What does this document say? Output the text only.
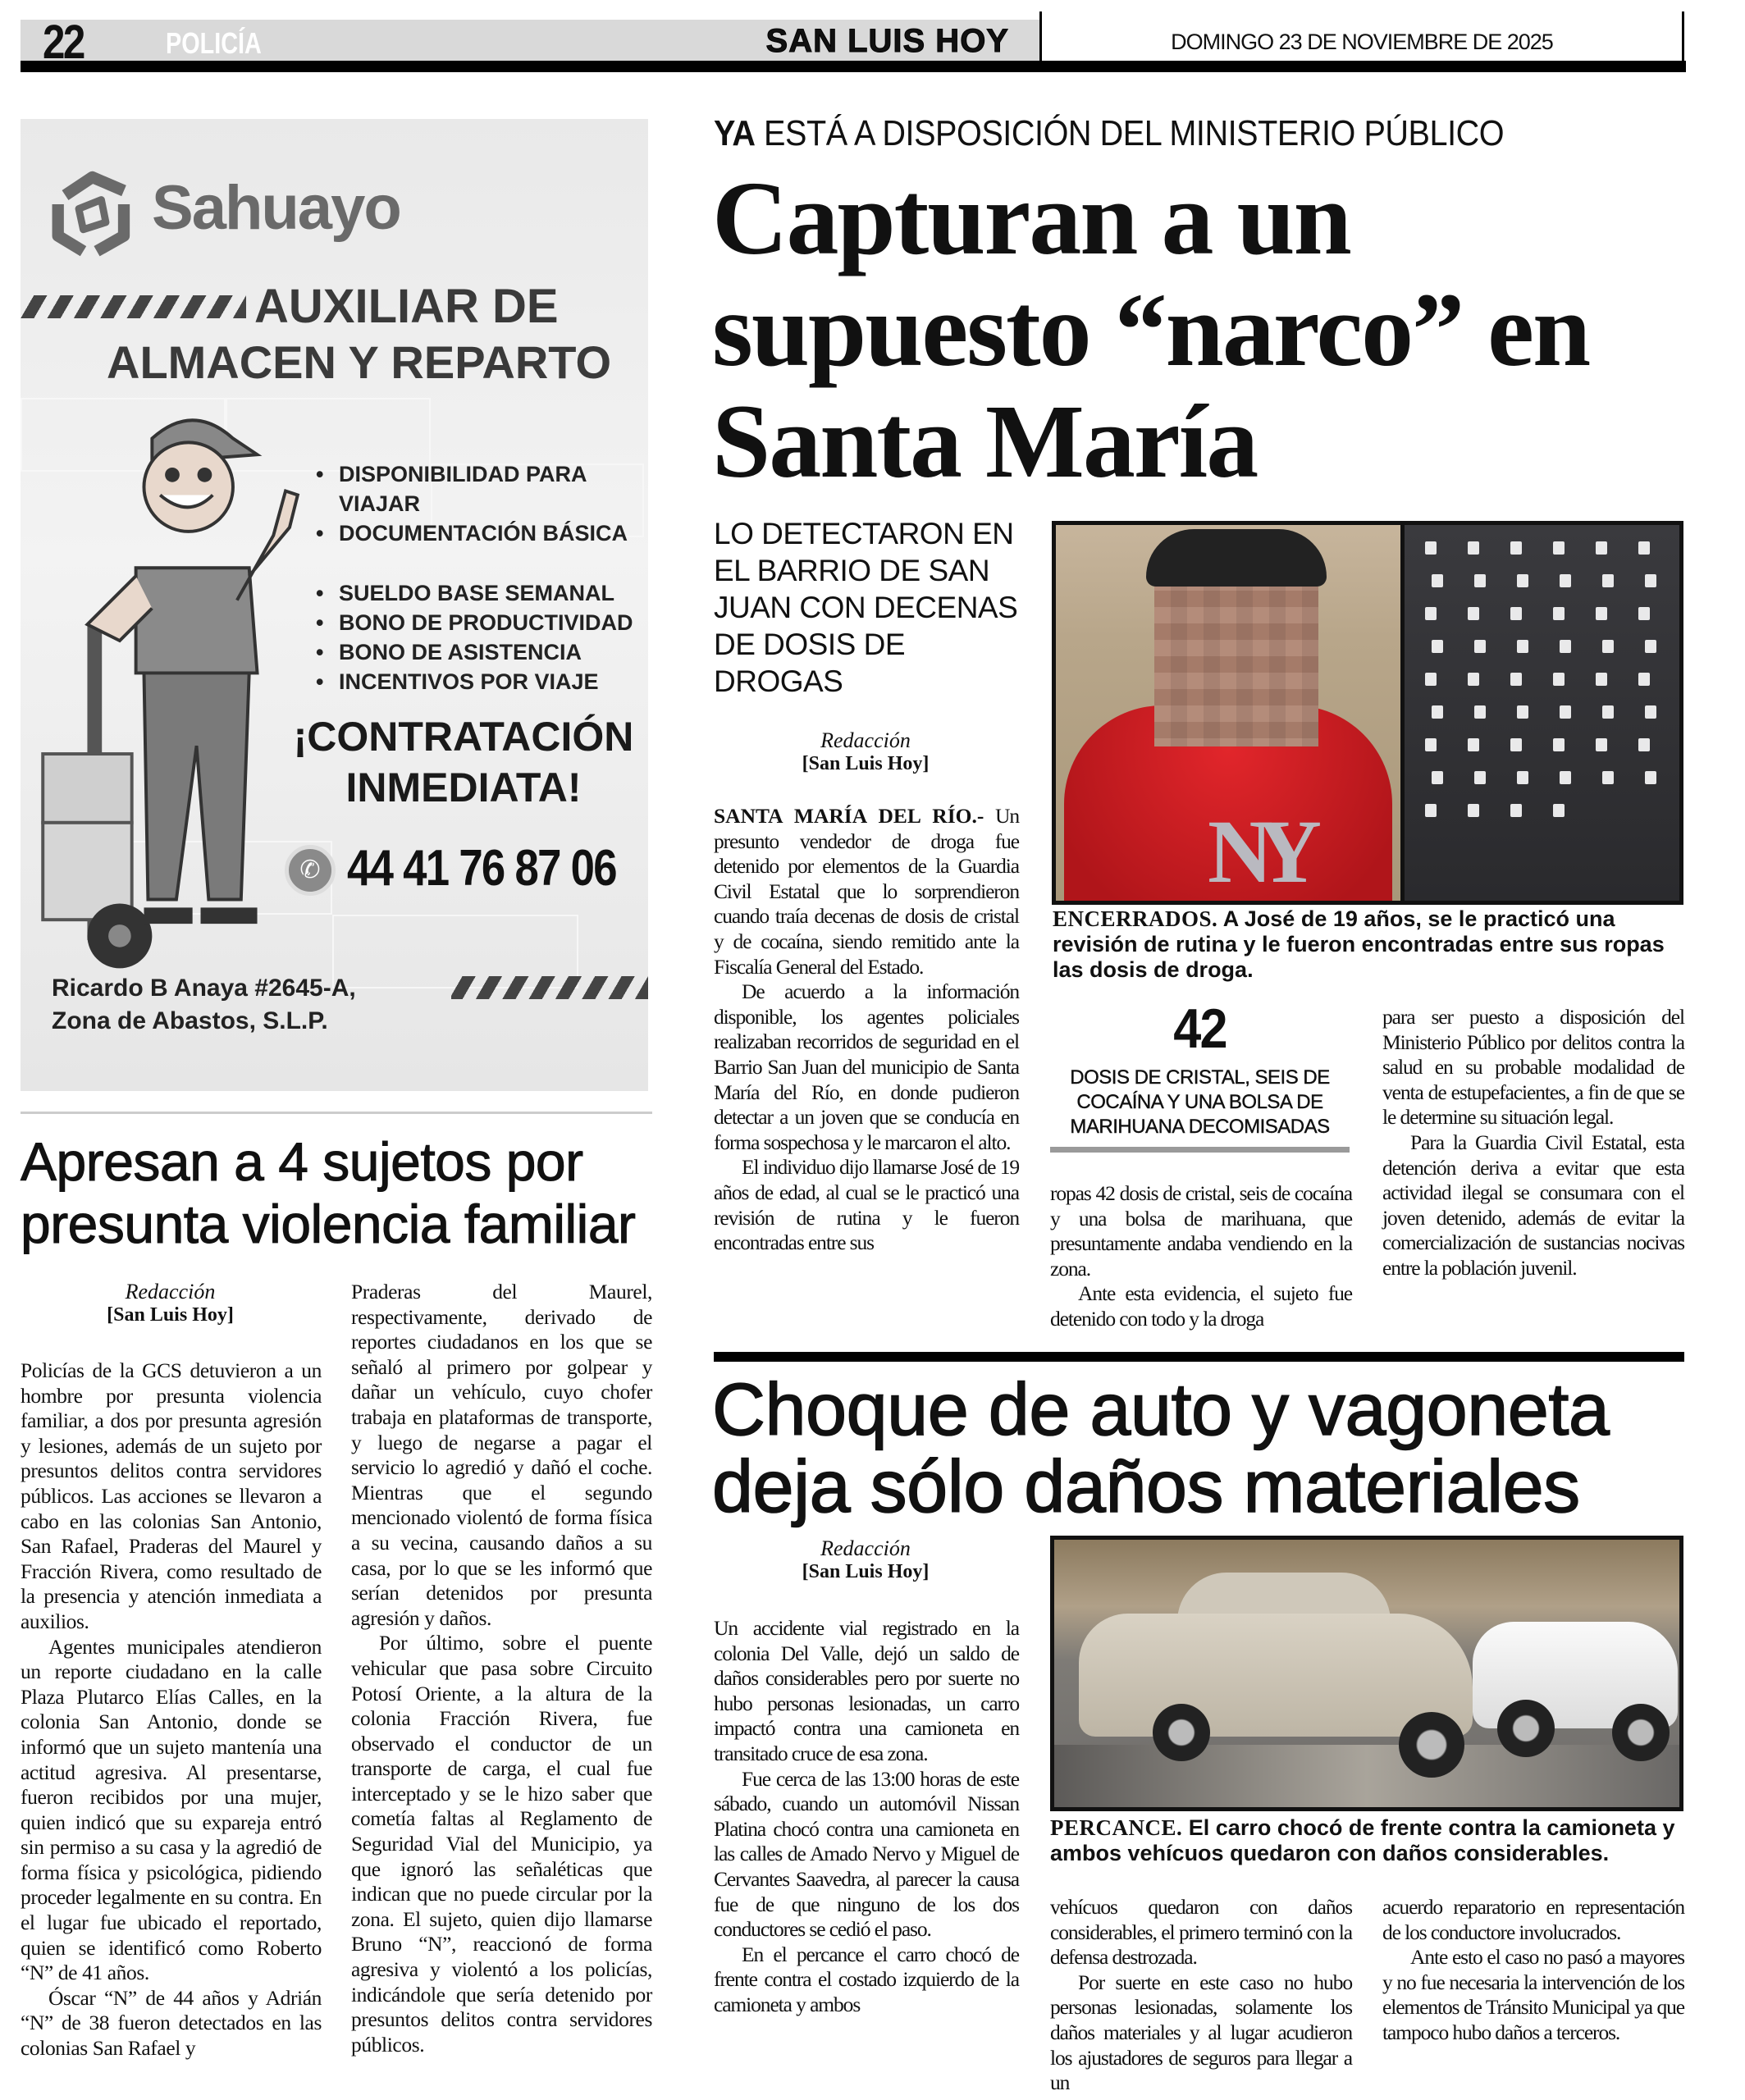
22	POLICÍA	SAN LUIS HOY	DOMINGO 23 DE NOVIEMBRE DE 2025
Sahuayo
AUXILIAR DE
ALMACEN Y REPARTO
• DISPONIBILIDAD PARA VIAJAR
• DOCUMENTACIÓN BÁSICA
• SUELDO BASE SEMANAL
• BONO DE PRODUCTIVIDAD
• BONO DE ASISTENCIA
• INCENTIVOS POR VIAJE
¡CONTRATACIÓN INMEDIATA!
✆ 44 41 76 87 06
Ricardo B Anaya #2645-A,
Zona de Abastos, S.L.P.
Apresan a 4 sujetos por presunta violencia familiar
Redacción
[San Luis Hoy]

Policías de la GCS detuvieron a un hombre por presunta violencia familiar, a dos por presunta agresión y lesiones, además de un sujeto por presuntos delitos contra servidores públicos. Las acciones se llevaron a cabo en las colonias San Antonio, San Rafael, Praderas del Maurel y Fracción Rivera, como resultado de la presencia y atención inmediata a auxilios.

Agentes municipales atendieron un reporte ciudadano en la calle Plaza Plutarco Elías Calles, en la colonia San Antonio, donde se informó que un sujeto mantenía una actitud agresiva. Al presentarse, fueron recibidos por una mujer, quien indicó que su expareja entró sin permiso a su casa y la agredió de forma física y psicológica, pidiendo proceder legalmente en su contra. En el lugar fue ubicado el reportado, quien se identificó como Roberto “N” de 41 años.

Óscar “N” de 44 años y Adrián “N” de 38 fueron detectados en las colonias San Rafael y

Praderas del Maurel, respectivamente, derivado de reportes ciudadanos en los que se señaló al primero por golpear y dañar un vehículo, cuyo chofer trabaja en plataformas de transporte, y luego de negarse a pagar el servicio lo agredió y dañó el coche. Mientras que el segundo mencionado violentó de forma física a su vecina, causando daños a su casa, por lo que se les informó que serían detenidos por presunta agresión y daños.

Por último, sobre el puente vehicular que pasa sobre Circuito Potosí Oriente, a la altura de la colonia Fracción Rivera, fue observado el conductor de un transporte de carga, el cual fue interceptado y se le hizo saber que cometía faltas al Reglamento de Seguridad Vial del Municipio, ya que ignoró las señaléticas que indican que no puede circular por la zona. El sujeto, quien dijo llamarse Bruno “N”, reaccionó de forma agresiva y violentó a los policías, indicándole que sería detenido por presuntos delitos contra servidores públicos.

YA ESTÁ A DISPOSICIÓN DEL MINISTERIO PÚBLICO
Capturan a un supuesto “narco” en Santa María
LO DETECTARON EN EL BARRIO DE SAN JUAN CON DECENAS DE DOSIS DE DROGAS
NY
Redacción
[San Luis Hoy]
ENCERRADOS. A José de 19 años, se le practicó una revisión de rutina y le fueron encontradas entre sus ropas las dosis de droga.

SANTA MARÍA DEL RÍO.- Un presunto vendedor de droga fue detenido por elementos de la Guardia Civil Estatal que lo sorprendieron cuando traía decenas de dosis de cristal y de cocaína, siendo remitido ante la Fiscalía General del Estado.

De acuerdo a la información disponible, los agentes policiales realizaban recorridos de seguridad en el Barrio San Juan del municipio de Santa María del Río, en donde pudieron detectar a un joven que se conducía en forma sospechosa y le marcaron el alto.

El individuo dijo llamarse José de 19 años de edad, al cual se le practicó una revisión de rutina y le fueron encontradas entre sus

42
DOSIS DE CRISTAL, SEIS DE COCAÍNA Y UNA BOLSA DE MARIHUANA DECOMISADAS

ropas 42 dosis de cristal, seis de cocaína y una bolsa de marihuana, que presuntamente andaba vendiendo en la zona.

Ante esta evidencia, el sujeto fue detenido con todo y la droga

para ser puesto a disposición del Ministerio Público por delitos contra la salud en su probable modalidad de venta de estupefacientes, a fin de que se le determine su situación legal.

Para la Guardia Civil Estatal, esta detención deriva a evitar que esta actividad ilegal se consumara con el joven detenido, además de evitar la comercialización de sustancias nocivas entre la población juvenil.

Choque de auto y vagoneta deja sólo daños materiales
Redacción
[San Luis Hoy]
PERCANCE. El carro chocó de frente contra la camioneta y ambos vehícuos quedaron con daños considerables.

Un accidente vial registrado en la colonia Del Valle, dejó un saldo de daños considerables pero por suerte no hubo personas lesionadas, un carro impactó contra una camioneta en transitado cruce de esa zona.

Fue cerca de las 13:00 horas de este sábado, cuando un automóvil Nissan Platina chocó contra una camioneta en las calles de Amado Nervo y Miguel de Cervantes Saavedra, al parecer la causa fue de que ninguno de los dos conductores se cedió el paso.

En el percance el carro chocó de frente contra el costado izquierdo de la camioneta y ambos

vehícuos quedaron con daños considerables, el primero terminó con la defensa destrozada.

Por suerte en este caso no hubo personas lesionadas, solamente los daños materiales y al lugar acudieron los ajustadores de seguros para llegar a un

acuerdo reparatorio en representación de los conductore involucrados.

Ante esto el caso no pasó a mayores y no fue necesaria la intervención de los elementos de Tránsito Municipal ya que tampoco hubo daños a terceros.
